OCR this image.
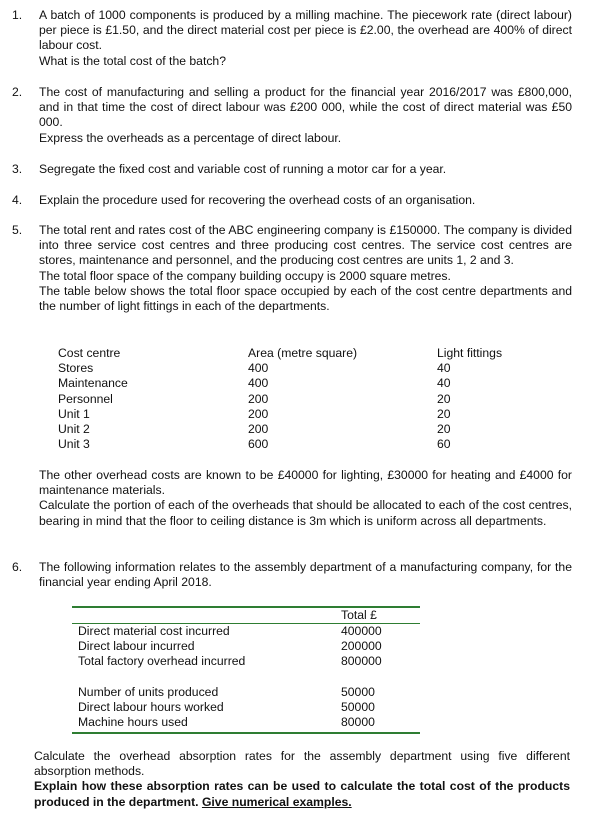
1.	A batch of 1000 components is produced by a milling machine. The piecework rate (direct labour) per piece is £1.50, and the direct material cost per piece is £2.00, the overhead are 400% of direct labour cost.
What is the total cost of the batch?
2.	The cost of manufacturing and selling a product for the financial year 2016/2017 was £800,000, and in that time the cost of direct labour was £200 000, while the cost of direct material was £50 000.
Express the overheads as a percentage of direct labour.
3.	Segregate the fixed cost and variable cost of running a motor car for a year.
4.	Explain the procedure used for recovering the overhead costs of an organisation.
5.	The total rent and rates cost of the ABC engineering company is £150000. The company is divided into three service cost centres and three producing cost centres. The service cost centres are stores, maintenance and personnel, and the producing cost centres are units 1, 2 and 3.
The total floor space of the company building occupy is 2000 square metres.
The table below shows the total floor space occupied by each of the cost centre departments and the number of light fittings in each of the departments.
Cost centre	Area (metre square)	Light fittings
Stores	400	40
Maintenance	400	40
Personnel	200	20
Unit 1	200	20
Unit 2	200	20
Unit 3	600	60
The other overhead costs are known to be £40000 for lighting, £30000 for heating and £4000 for maintenance materials.
Calculate the portion of each of the overheads that should be allocated to each of the cost centres, bearing in mind that the floor to ceiling distance is 3m which is uniform across all departments.
6.	The following information relates to the assembly department of a manufacturing company, for the financial year ending April 2018.
Total £
Direct material cost incurred	400000
Direct labour incurred	200000
Total factory overhead incurred	800000
Number of units produced	50000
Direct labour hours worked	50000
Machine hours used	80000
Calculate the overhead absorption rates for the assembly department using five different absorption methods.
Explain how these absorption rates can be used to calculate the total cost of the products produced in the department. Give numerical examples.
